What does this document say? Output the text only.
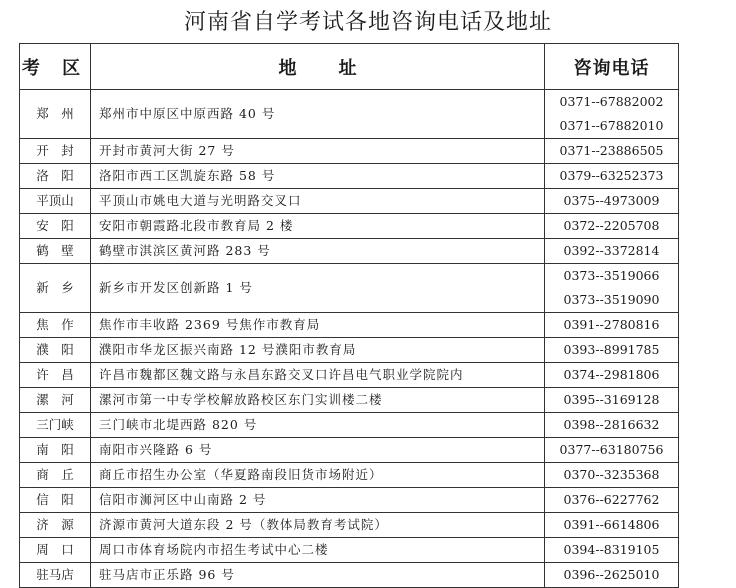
河南省自学考试各地咨询电话及地址
考 区	地 址	咨询电话
郑　州	郑州市中原区中原西路 40 号	0371--67882002
0371--67882010

开　封	开封市黄河大街 27 号	0371--23886505

洛　阳	洛阳市西工区凯旋东路 58 号	0379--63252373

平顶山	平顶山市姚电大道与光明路交叉口	0375--4973009

安　阳	安阳市朝霞路北段市教育局 2 楼	0372--2205708

鹤　壁	鹤壁市淇滨区黄河路 283 号	0392--3372814

新　乡	新乡市开发区创新路 1 号	0373--3519066
0373--3519090

焦　作	焦作市丰收路 2369 号焦作市教育局	0391--2780816

濮　阳	濮阳市华龙区振兴南路 12 号濮阳市教育局	0393--8991785

许　昌	许昌市魏都区魏文路与永昌东路交叉口许昌电气职业学院院内	0374--2981806

漯　河	漯河市第一中专学校解放路校区东门实训楼二楼	0395--3169128

三门峡	三门峡市北堤西路 820 号	0398--2816632

南　阳	南阳市兴隆路 6 号	0377--63180756

商　丘	商丘市招生办公室（华夏路南段旧货市场附近）	0370--3235368

信　阳	信阳市浉河区中山南路 2 号	0376--6227762

济　源	济源市黄河大道东段 2 号（教体局教育考试院）	0391--6614806

周　口	周口市体育场院内市招生考试中心二楼	0394--8319105

驻马店	驻马店市正乐路 96 号	0396--2625010
